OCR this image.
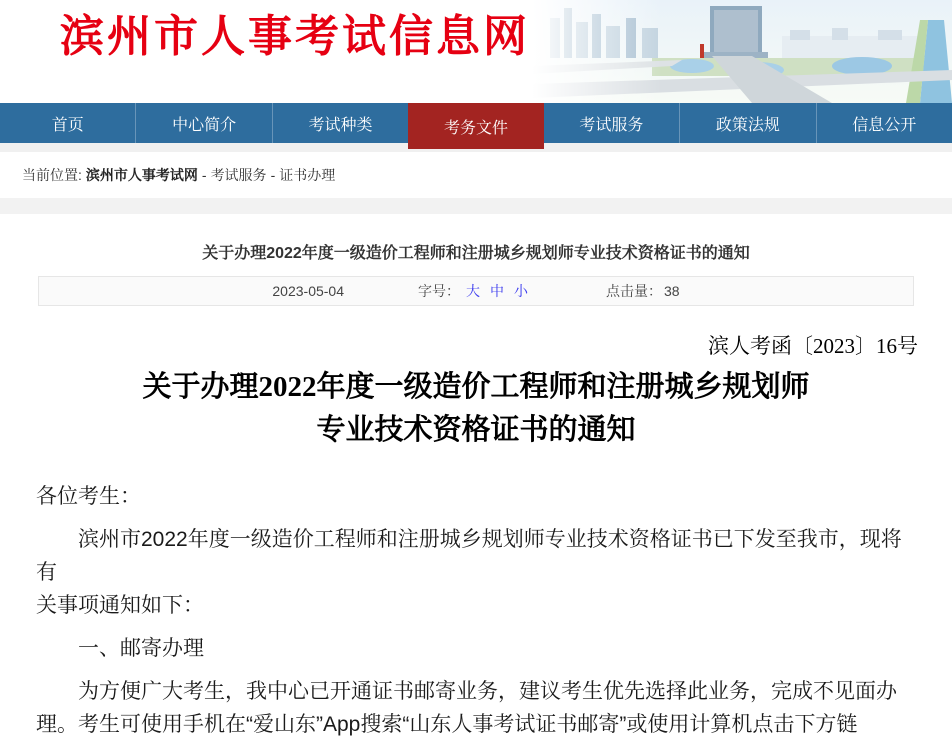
滨州市人事考试信息网
首页	中心简介	考试种类	考务文件	考试服务	政策法规	信息公开
当前位置: 滨州市人事考试网 - 考试服务 - 证书办理
关于办理2022年度一级造价工程师和注册城乡规划师专业技术资格证书的通知
2023-05-04	字号： 大 中 小	点击量： 38
滨人考函〔2023〕16号
关于办理2022年度一级造价工程师和注册城乡规划师
专业技术资格证书的通知

各位考生：

滨州市2022年度一级造价工程师和注册城乡规划师专业技术资格证书已下发至我市，现将有

关事项通知如下：

一、邮寄办理

为方便广大考生，我中心已开通证书邮寄业务，建议考生优先选择此业务，完成不见面办

理。考生可使用手机在“爱山东”App搜索“山东人事考试证书邮寄”或使用计算机点击下方链
